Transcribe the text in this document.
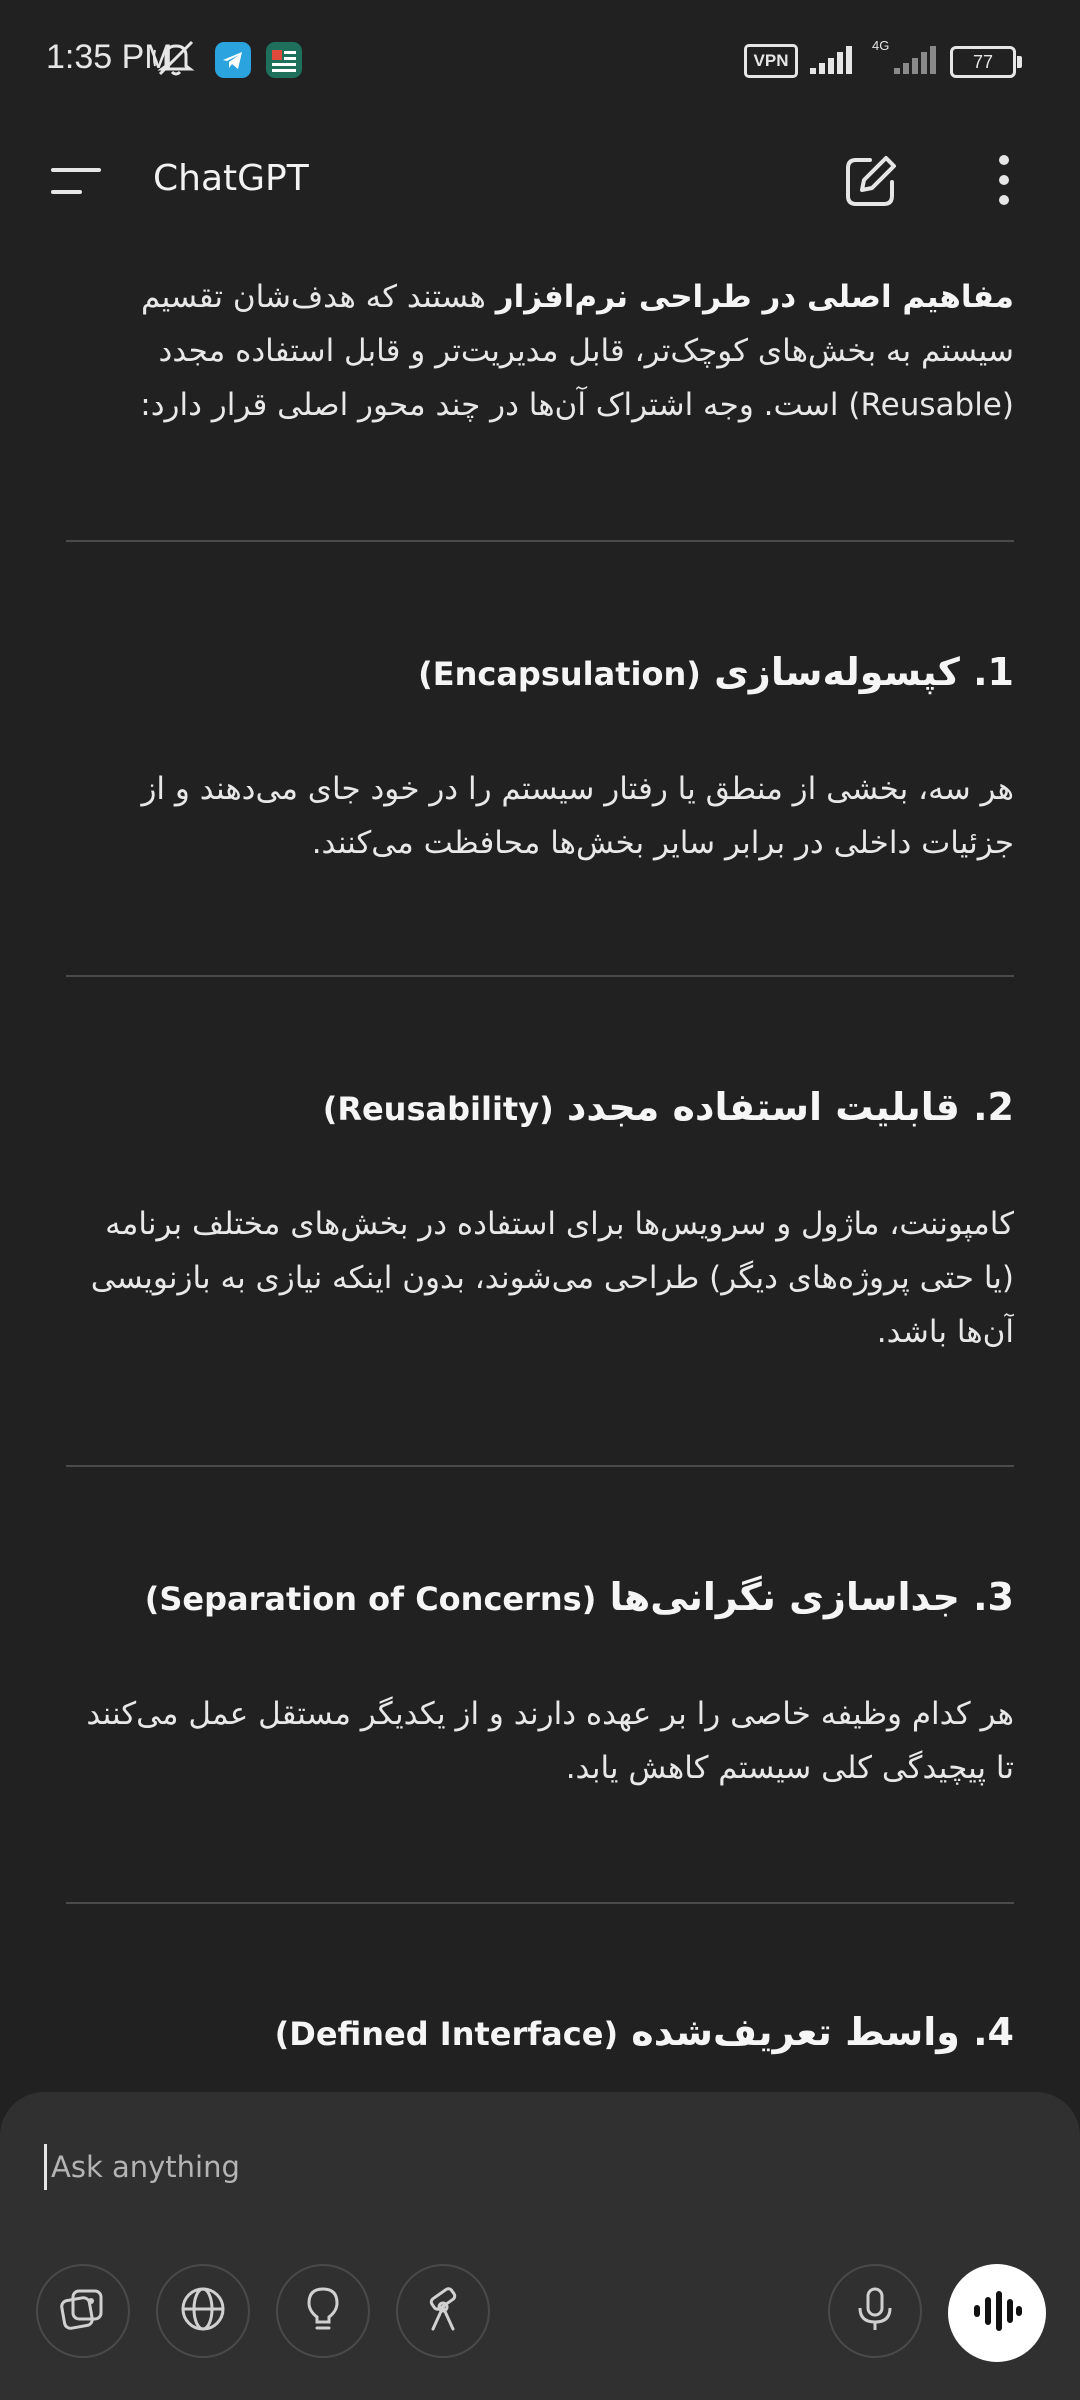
1:35 PM	VPN
4G
77
ChatGPT

مفاهیم اصلی در طراحی نرم‌افزار هستند که هدف‌شان تقسیم سیستم به بخش‌های کوچک‌تر، قابل مدیریت‌تر و قابل استفاده مجدد (Reusable) است. وجه اشتراک آن‌ها در چند محور اصلی قرار دارد:

1. کپسوله‌سازی (Encapsulation)

هر سه، بخشی از منطق یا رفتار سیستم را در خود جای می‌دهند و از جزئیات داخلی در برابر سایر بخش‌ها محافظت می‌کنند.

2. قابلیت استفاده مجدد (Reusability)

کامپوننت، ماژول و سرویس‌ها برای استفاده در بخش‌های مختلف برنامه (یا حتی پروژه‌های دیگر) طراحی می‌شوند، بدون اینکه نیازی به بازنویسی آن‌ها باشد.

3. جداسازی نگرانی‌ها (Separation of Concerns)

هر کدام وظیفه خاصی را بر عهده دارند و از یکدیگر مستقل عمل می‌کنند تا پیچیدگی کلی سیستم کاهش یابد.

4. واسط تعریف‌شده (Defined Interface)
Ask anything
